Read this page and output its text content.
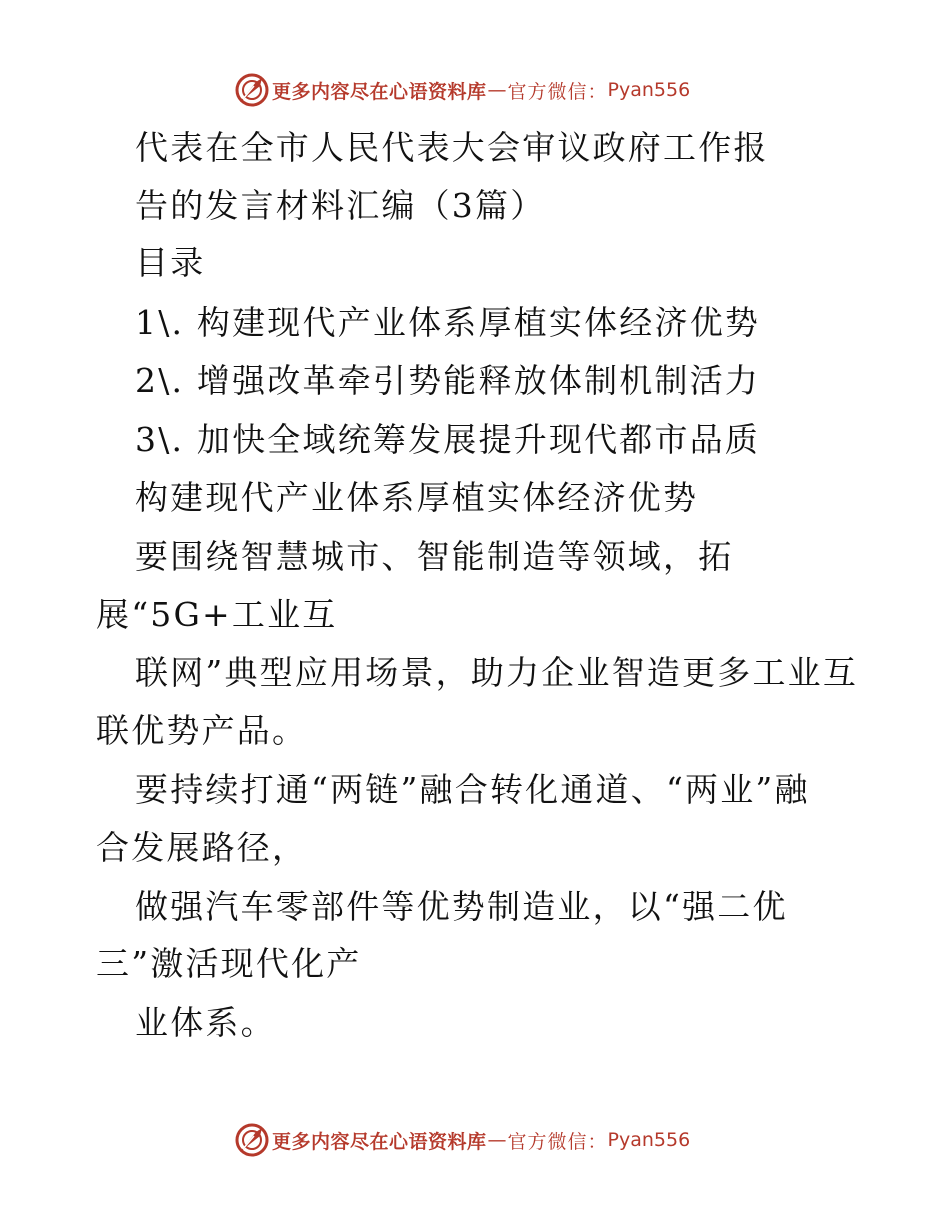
更多内容尽在心语资料库 — 官方微信： Pyan556
代表在全市人民代表大会审议政府工作报
告的发言材料汇编（3篇）
目录
1\. 构建现代产业体系厚植实体经济优势
2\. 增强改革牵引势能释放体制机制活力
3\. 加快全域统筹发展提升现代都市品质
构建现代产业体系厚植实体经济优势
要围绕智慧城市、智能制造等领域，拓
展“5G+工业互
联网”典型应用场景，助力企业智造更多工业互
联优势产品。
要持续打通“两链”融合转化通道、“两业”融
合发展路径，
做强汽车零部件等优势制造业，以“强二优
三”激活现代化产
业体系。
更多内容尽在心语资料库 — 官方微信： Pyan556
